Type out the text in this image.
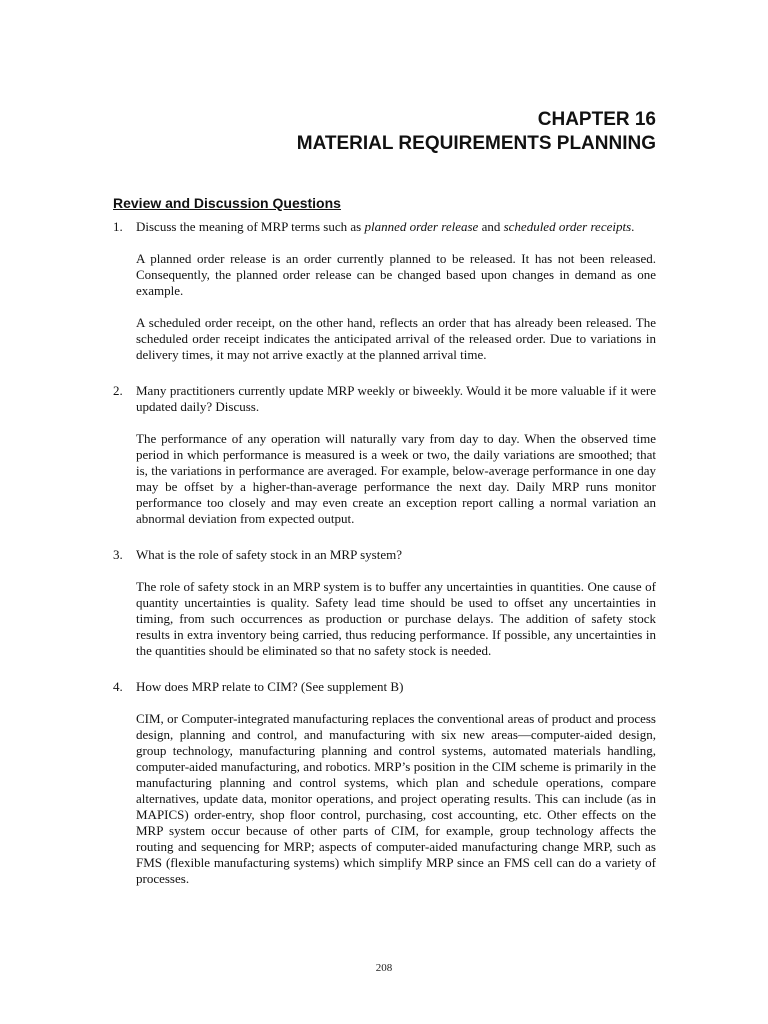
CHAPTER 16
MATERIAL REQUIREMENTS PLANNING
Review and Discussion Questions
1. Discuss the meaning of MRP terms such as planned order release and scheduled order receipts.
A planned order release is an order currently planned to be released. It has not been released. Consequently, the planned order release can be changed based upon changes in demand as one example.
A scheduled order receipt, on the other hand, reflects an order that has already been released. The scheduled order receipt indicates the anticipated arrival of the released order. Due to variations in delivery times, it may not arrive exactly at the planned arrival time.
2. Many practitioners currently update MRP weekly or biweekly. Would it be more valuable if it were updated daily? Discuss.
The performance of any operation will naturally vary from day to day. When the observed time period in which performance is measured is a week or two, the daily variations are smoothed; that is, the variations in performance are averaged. For example, below-average performance in one day may be offset by a higher-than-average performance the next day. Daily MRP runs monitor performance too closely and may even create an exception report calling a normal variation an abnormal deviation from expected output.
3. What is the role of safety stock in an MRP system?
The role of safety stock in an MRP system is to buffer any uncertainties in quantities. One cause of quantity uncertainties is quality. Safety lead time should be used to offset any uncertainties in timing, from such occurrences as production or purchase delays. The addition of safety stock results in extra inventory being carried, thus reducing performance. If possible, any uncertainties in the quantities should be eliminated so that no safety stock is needed.
4. How does MRP relate to CIM? (See supplement B)
CIM, or Computer-integrated manufacturing replaces the conventional areas of product and process design, planning and control, and manufacturing with six new areas—computer-aided design, group technology, manufacturing planning and control systems, automated materials handling, computer-aided manufacturing, and robotics. MRP’s position in the CIM scheme is primarily in the manufacturing planning and control systems, which plan and schedule operations, compare alternatives, update data, monitor operations, and project operating results. This can include (as in MAPICS) order-entry, shop floor control, purchasing, cost accounting, etc. Other effects on the MRP system occur because of other parts of CIM, for example, group technology affects the routing and sequencing for MRP; aspects of computer-aided manufacturing change MRP, such as FMS (flexible manufacturing systems) which simplify MRP since an FMS cell can do a variety of processes.
208
